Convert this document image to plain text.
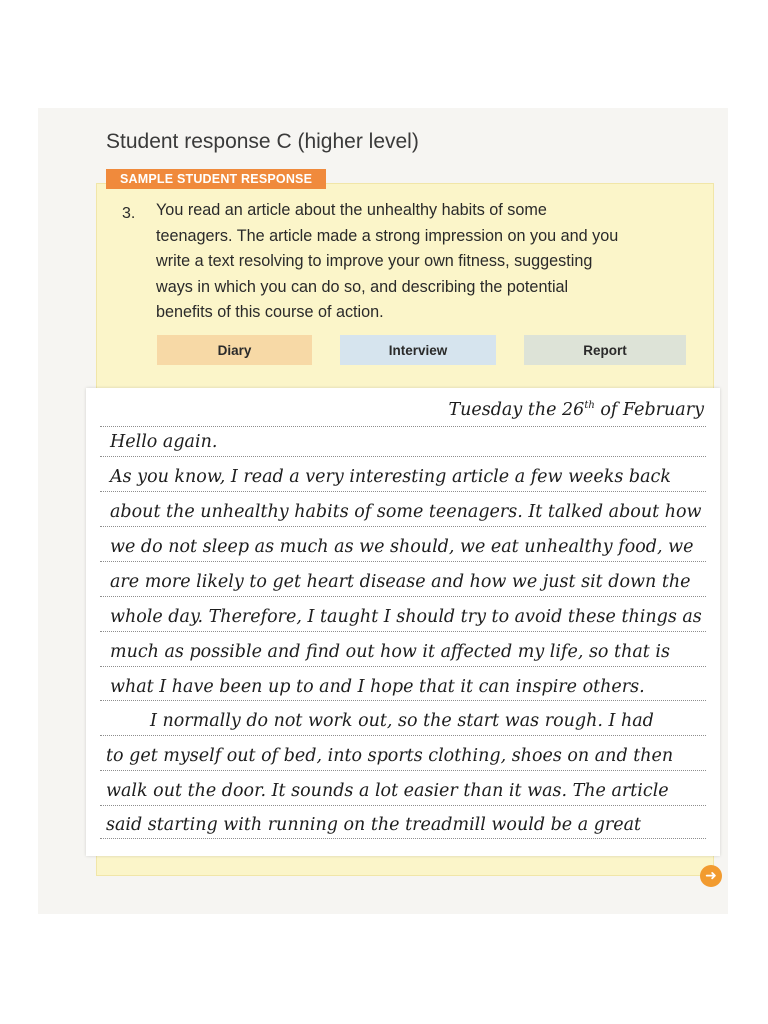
Student response C (higher level)
SAMPLE STUDENT RESPONSE
3. You read an article about the unhealthy habits of some
teenagers. The article made a strong impression on you and you
write a text resolving to improve your own fitness, suggesting
ways in which you can do so, and describing the potential
benefits of this course of action.
Diary	Interview	Report
Tuesday the 26th of February
Hello again.
As you know, I read a very interesting article a few weeks back
about the unhealthy habits of some teenagers. It talked about how
we do not sleep as much as we should, we eat unhealthy food, we
are more likely to get heart disease and how we just sit down the
whole day. Therefore, I taught I should try to avoid these things as
much as possible and find out how it affected my life, so that is
what I have been up to and I hope that it can inspire others.
I normally do not work out, so the start was rough. I had
to get myself out of bed, into sports clothing, shoes on and then
walk out the door. It sounds a lot easier than it was. The article
said starting with running on the treadmill would be a great
➜
